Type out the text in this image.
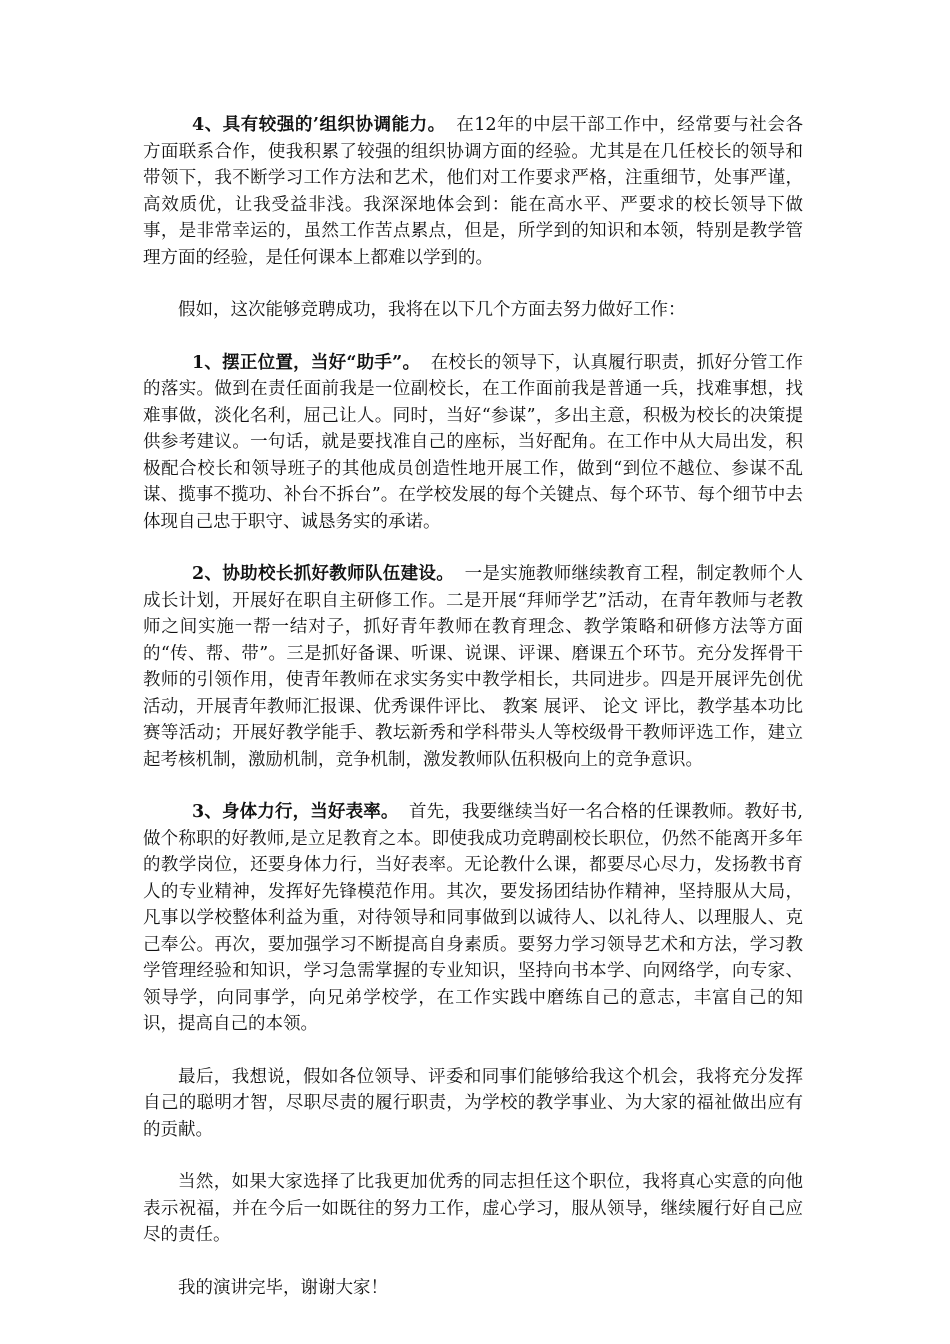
4、具有较强的’组织协调能力。 在12年的中层干部工作中，经常要与社会各方面联系合作，使我积累了较强的组织协调方面的经验。尤其是在几任校长的领导和带领下，我不断学习工作方法和艺术，他们对工作要求严格，注重细节，处事严谨，高效质优，让我受益非浅。我深深地体会到：能在高水平、严要求的校长领导下做事，是非常幸运的，虽然工作苦点累点，但是，所学到的知识和本领，特别是教学管理方面的经验，是任何课本上都难以学到的。

假如，这次能够竞聘成功，我将在以下几个方面去努力做好工作：

1、摆正位置，当好“助手”。 在校长的领导下，认真履行职责，抓好分管工作的落实。做到在责任面前我是一位副校长，在工作面前我是普通一兵，找难事想，找难事做，淡化名利，屈己让人。同时，当好“参谋”，多出主意，积极为校长的决策提供参考建议。一句话，就是要找准自己的座标，当好配角。在工作中从大局出发，积极配合校长和领导班子的其他成员创造性地开展工作，做到“到位不越位、参谋不乱谋、揽事不揽功、补台不拆台”。在学校发展的每个关键点、每个环节、每个细节中去体现自己忠于职守、诚恳务实的承诺。

2、协助校长抓好教师队伍建设。 一是实施教师继续教育工程，制定教师个人成长计划，开展好在职自主研修工作。二是开展“拜师学艺”活动，在青年教师与老教师之间实施一帮一结对子，抓好青年教师在教育理念、教学策略和研修方法等方面的“传、帮、带”。三是抓好备课、听课、说课、评课、磨课五个环节。充分发挥骨干教师的引领作用，使青年教师在求实务实中教学相长，共同进步。四是开展评先创优活动，开展青年教师汇报课、优秀课件评比、 教案 展评、 论文 评比，教学基本功比赛等活动；开展好教学能手、教坛新秀和学科带头人等校级骨干教师评选工作，建立起考核机制，激励机制，竞争机制，激发教师队伍积极向上的竞争意识。

3、身体力行，当好表率。 首先，我要继续当好一名合格的任课教师。教好书,做个称职的好教师,是立足教育之本。即使我成功竞聘副校长职位，仍然不能离开多年的教学岗位，还要身体力行，当好表率。无论教什么课，都要尽心尽力，发扬教书育人的专业精神，发挥好先锋模范作用。其次，要发扬团结协作精神，坚持服从大局，凡事以学校整体利益为重，对待领导和同事做到以诚待人、以礼待人、以理服人、克己奉公。再次，要加强学习不断提高自身素质。要努力学习领导艺术和方法，学习教学管理经验和知识，学习急需掌握的专业知识，坚持向书本学、向网络学，向专家、领导学，向同事学，向兄弟学校学，在工作实践中磨练自己的意志，丰富自己的知识，提高自己的本领。

最后，我想说，假如各位领导、评委和同事们能够给我这个机会，我将充分发挥自己的聪明才智，尽职尽责的履行职责，为学校的教学事业、为大家的福祉做出应有的贡献。

当然，如果大家选择了比我更加优秀的同志担任这个职位，我将真心实意的向他表示祝福，并在今后一如既往的努力工作，虚心学习，服从领导，继续履行好自己应尽的责任。

我的演讲完毕，谢谢大家！
